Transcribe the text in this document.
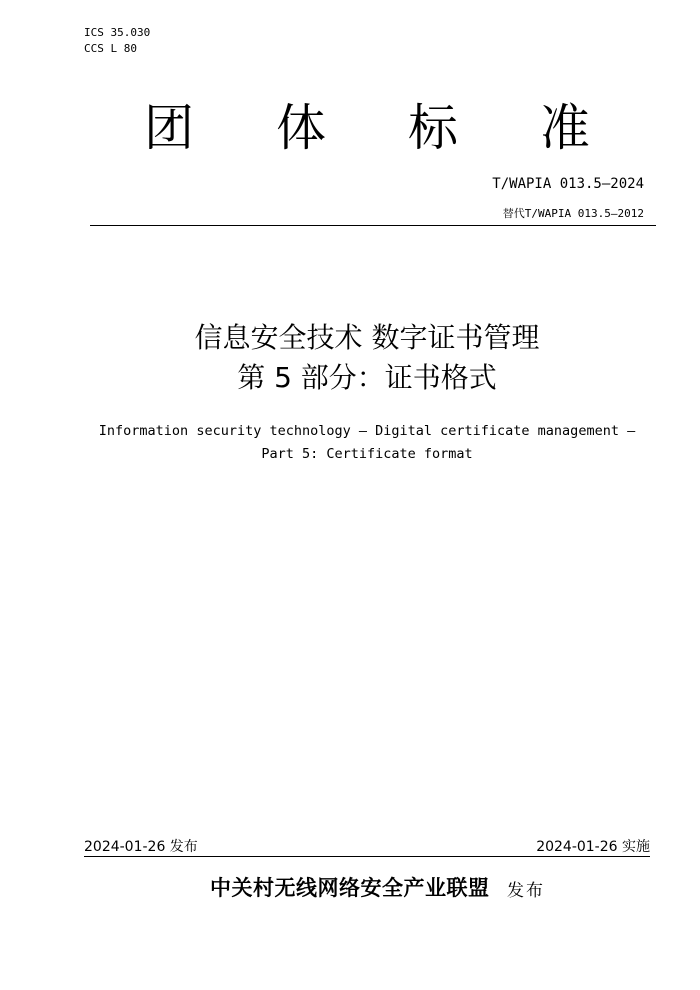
ICS 35.030
CCS L 80
团 体 标 准
T/WAPIA 013.5—2024
替代T/WAPIA 013.5—2012
信息安全技术 数字证书管理
第 5 部分：证书格式
Information security technology — Digital certificate management —
Part 5: Certificate format
2024-01-26 发布	2024-01-26 实施
中关村无线网络安全产业联盟 发布
